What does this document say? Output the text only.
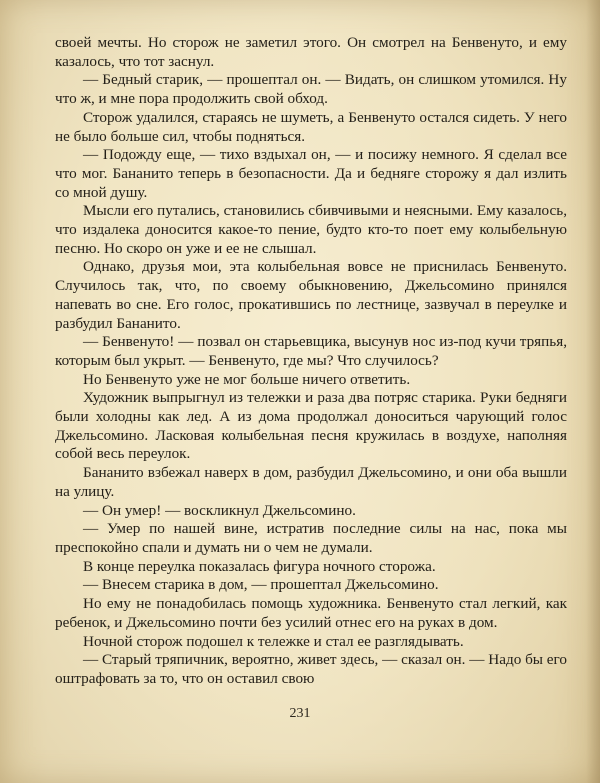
своей мечты. Но сторож не заметил этого. Он смотрел на Бенвенуто, и ему казалось, что тот заснул.

— Бедный старик, — прошептал он. — Видать, он слишком утомился. Ну что ж, и мне пора продолжить свой обход.

Сторож удалился, стараясь не шуметь, а Бенвенуто остался сидеть. У него не было больше сил, чтобы подняться.

— Подожду еще, — тихо вздыхал он, — и посижу немного. Я сделал все что мог. Бананито теперь в безопасности. Да и бедняге сторожу я дал излить со мной душу.

Мысли его путались, становились сбивчивыми и неясными. Ему казалось, что издалека доносится какое-то пение, будто кто-то поет ему колыбельную песню. Но скоро он уже и ее не слышал.

Однако, друзья мои, эта колыбельная вовсе не приснилась Бенвенуто. Случилось так, что, по своему обыкновению, Джельсомино принялся напевать во сне. Его голос, прокатившись по лестнице, зазвучал в переулке и разбудил Бананито.

— Бенвенуто! — позвал он старьевщика, высунув нос из-под кучи тряпья, которым был укрыт. — Бенвенуто, где мы? Что случилось?

Но Бенвенуто уже не мог больше ничего ответить.

Художник выпрыгнул из тележки и раза два потряс старика. Руки бедняги были холодны как лед. А из дома продолжал доноситься чарующий голос Джельсомино. Ласковая колыбельная песня кружилась в воздухе, наполняя собой весь переулок.

Бананито взбежал наверх в дом, разбудил Джельсомино, и они оба вышли на улицу.

— Он умер! — воскликнул Джельсомино.

— Умер по нашей вине, истратив последние силы на нас, пока мы преспокойно спали и думать ни о чем не думали.

В конце переулка показалась фигура ночного сторожа.

— Внесем старика в дом, — прошептал Джельсомино.

Но ему не понадобилась помощь художника. Бенвенуто стал легкий, как ребенок, и Джельсомино почти без усилий отнес его на руках в дом.

Ночной сторож подошел к тележке и стал ее разглядывать.

— Старый тряпичник, вероятно, живет здесь, — сказал он. — Надо бы его оштрафовать за то, что он оставил свою

231
